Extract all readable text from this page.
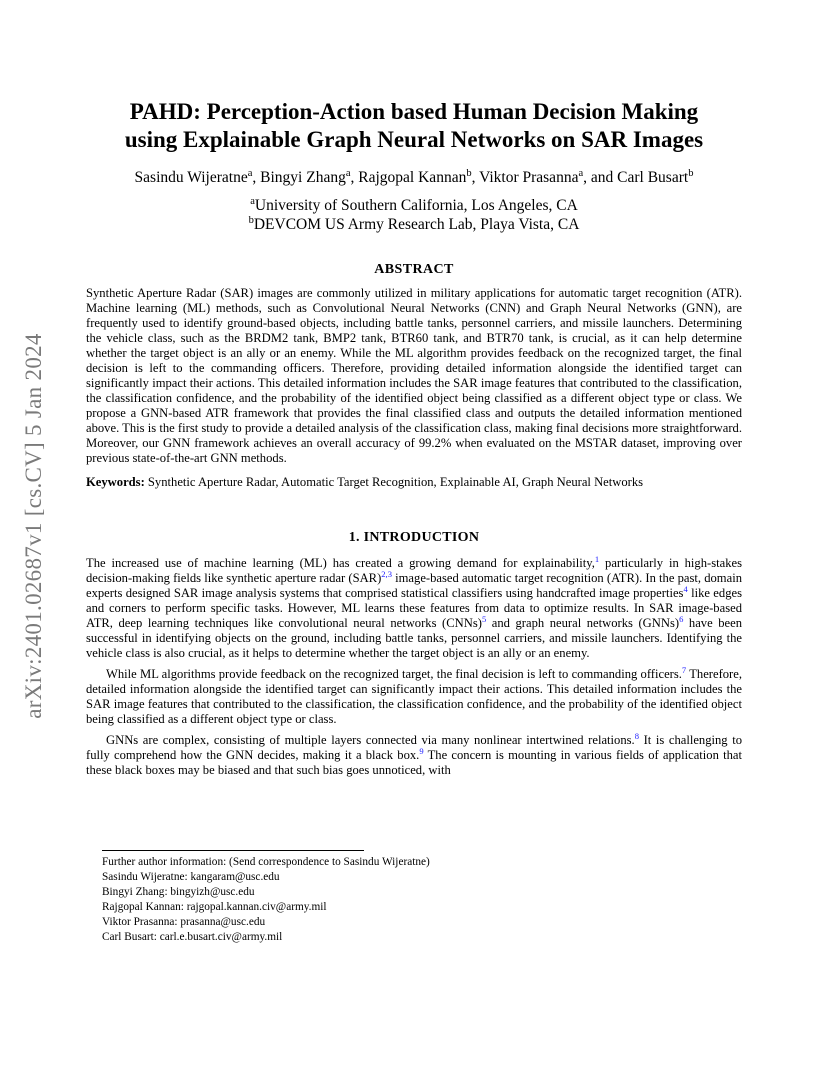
arXiv:2401.02687v1 [cs.CV] 5 Jan 2024
PAHD: Perception-Action based Human Decision Making
using Explainable Graph Neural Networks on SAR Images
Sasindu Wijeratne$^a$, Bingyi Zhang$^a$, Rajgopal Kannan$^b$, Viktor Prasanna$^a$, and Carl Busart$^b$
$^a$University of Southern California, Los Angeles, CA
$^b$DEVCOM US Army Research Lab, Playa Vista, CA
ABSTRACT

Synthetic Aperture Radar (SAR) images are commonly utilized in military applications for automatic target recognition (ATR). Machine learning (ML) methods, such as Convolutional Neural Networks (CNN) and Graph Neural Networks (GNN), are frequently used to identify ground-based objects, including battle tanks, personnel carriers, and missile launchers. Determining the vehicle class, such as the BRDM2 tank, BMP2 tank, BTR60 tank, and BTR70 tank, is crucial, as it can help determine whether the target object is an ally or an enemy. While the ML algorithm provides feedback on the recognized target, the final decision is left to the commanding officers. Therefore, providing detailed information alongside the identified target can significantly impact their actions. This detailed information includes the SAR image features that contributed to the classification, the classification confidence, and the probability of the identified object being classified as a different object type or class. We propose a GNN-based ATR framework that provides the final classified class and outputs the detailed information mentioned above. This is the first study to provide a detailed analysis of the classification class, making final decisions more straightforward. Moreover, our GNN framework achieves an overall accuracy of 99.2% when evaluated on the MSTAR dataset, improving over previous state-of-the-art GNN methods.

Keywords: Synthetic Aperture Radar, Automatic Target Recognition, Explainable AI, Graph Neural Networks

1. INTRODUCTION

The increased use of machine learning (ML) has created a growing demand for explainability,$^1$ particularly in high-stakes decision-making fields like synthetic aperture radar (SAR)$^{2,3}$ image-based automatic target recognition (ATR). In the past, domain experts designed SAR image analysis systems that comprised statistical classifiers using handcrafted image properties$^4$ like edges and corners to perform specific tasks. However, ML learns these features from data to optimize results. In SAR image-based ATR, deep learning techniques like convolutional neural networks (CNNs)$^5$ and graph neural networks (GNNs)$^6$ have been successful in identifying objects on the ground, including battle tanks, personnel carriers, and missile launchers. Identifying the vehicle class is also crucial, as it helps to determine whether the target object is an ally or an enemy.

While ML algorithms provide feedback on the recognized target, the final decision is left to commanding officers.$^7$ Therefore, detailed information alongside the identified target can significantly impact their actions. This detailed information includes the SAR image features that contributed to the classification, the classification confidence, and the probability of the identified object being classified as a different object type or class.

GNNs are complex, consisting of multiple layers connected via many nonlinear intertwined relations.$^8$ It is challenging to fully comprehend how the GNN decides, making it a black box.$^9$ The concern is mounting in various fields of application that these black boxes may be biased and that such bias goes unnoticed, with

Further author information: (Send correspondence to Sasindu Wijeratne)
Sasindu Wijeratne: kangaram@usc.edu
Bingyi Zhang: bingyizh@usc.edu
Rajgopal Kannan: rajgopal.kannan.civ@army.mil
Viktor Prasanna: prasanna@usc.edu
Carl Busart: carl.e.busart.civ@army.mil
